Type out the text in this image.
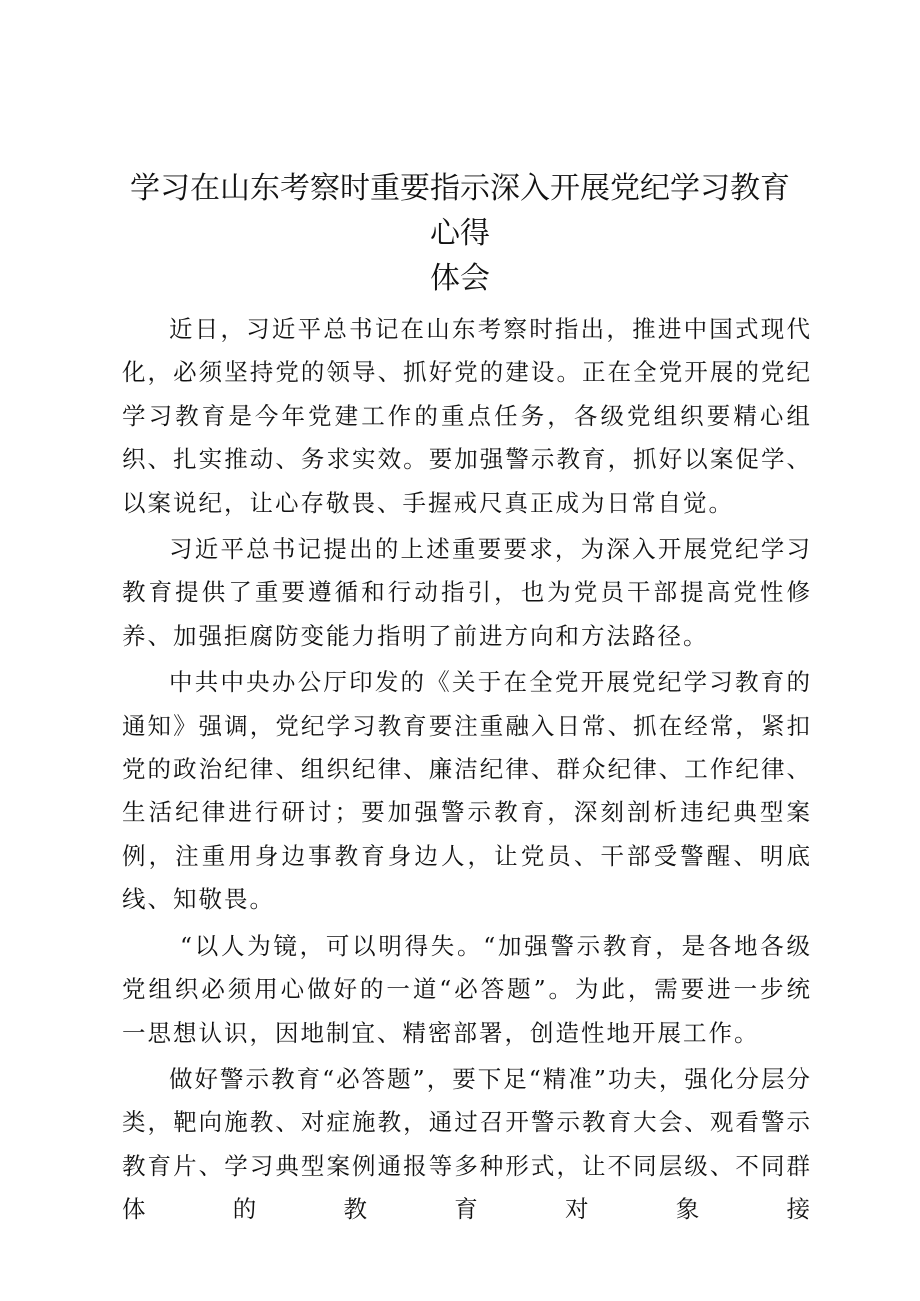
学习在山东考察时重要指示深入开展党纪学习教育心得
体会

近日，习近平总书记在山东考察时指出，推进中国式现代化，必须坚持党的领导、抓好党的建设。正在全党开展的党纪学习教育是今年党建工作的重点任务，各级党组织要精心组织、扎实推动、务求实效。要加强警示教育，抓好以案促学、以案说纪，让心存敬畏、手握戒尺真正成为日常自觉。

习近平总书记提出的上述重要要求，为深入开展党纪学习教育提供了重要遵循和行动指引，也为党员干部提高党性修养、加强拒腐防变能力指明了前进方向和方法路径。

中共中央办公厅印发的《关于在全党开展党纪学习教育的通知》强调，党纪学习教育要注重融入日常、抓在经常，紧扣党的政治纪律、组织纪律、廉洁纪律、群众纪律、工作纪律、生活纪律进行研讨；要加强警示教育，深刻剖析违纪典型案例，注重用身边事教育身边人，让党员、干部受警醒、明底线、知敬畏。

“以人为镜，可以明得失。“加强警示教育，是各地各级党组织必须用心做好的一道“必答题”。为此，需要进一步统一思想认识，因地制宜、精密部署，创造性地开展工作。

做好警示教育“必答题”，要下足“精准”功夫，强化分层分类，靶向施教、对症施教，通过召开警示教育大会、观看警示教育片、学习典型案例通报等多种形式，让不同层级、不同群体的教育对象接
